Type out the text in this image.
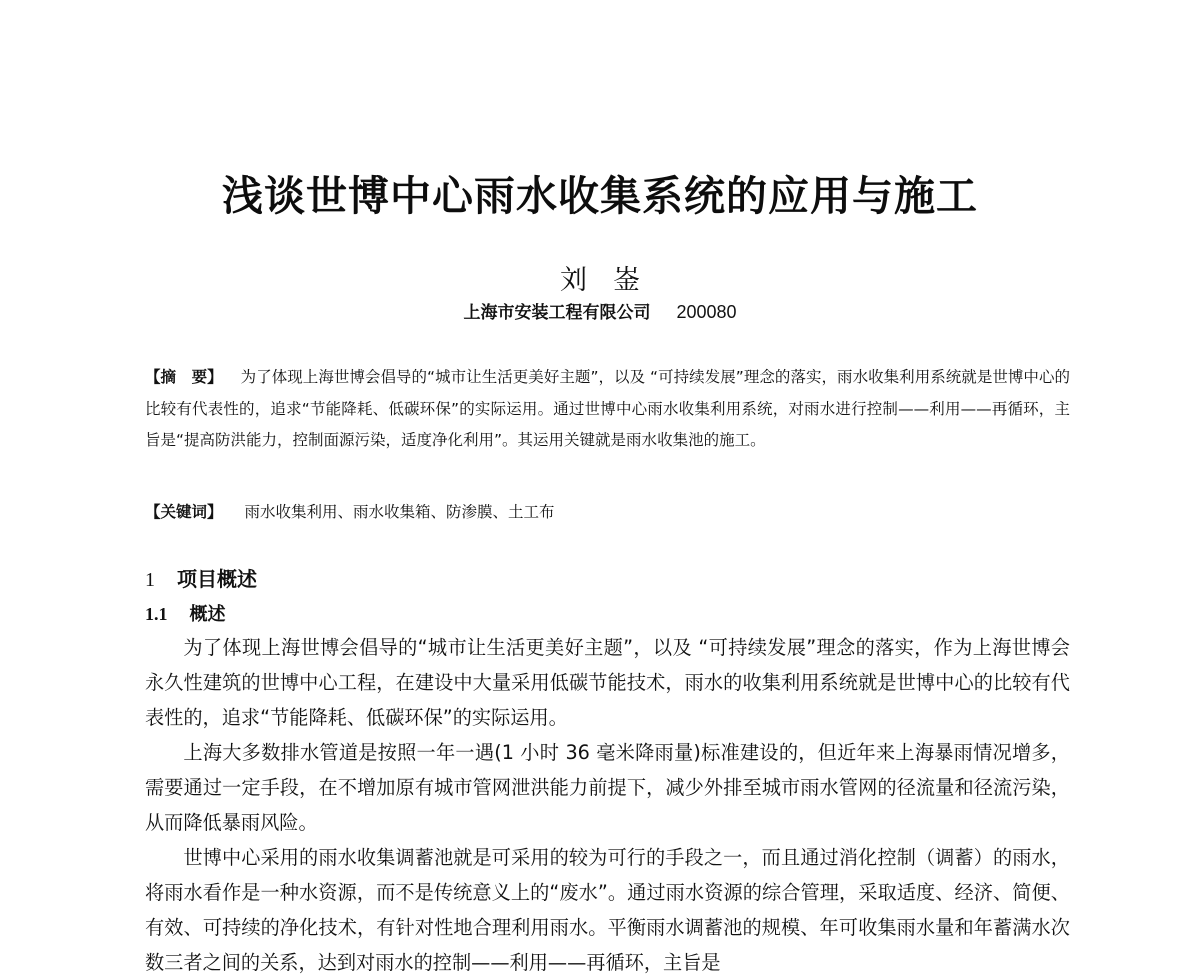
浅谈世博中心雨水收集系统的应用与施工
刘崟
上海市安装工程有限公司 200080
【摘　要】 为了体现上海世博会倡导的“城市让生活更美好主题”，以及 “可持续发展”理念的落实，雨水收集利用系统就是世博中心的比较有代表性的，追求“节能降耗、低碳环保”的实际运用。通过世博中心雨水收集利用系统，对雨水进行控制——利用——再循环，主旨是“提高防洪能力，控制面源污染，适度净化利用”。其运用关键就是雨水收集池的施工。
【关键词】 雨水收集利用、雨水收集箱、防渗膜、土工布
1 项目概述
1.1 概述

为了体现上海世博会倡导的“城市让生活更美好主题”，以及 “可持续发展”理念的落实，作为上海世博会永久性建筑的世博中心工程，在建设中大量采用低碳节能技术，雨水的收集利用系统就是世博中心的比较有代表性的，追求“节能降耗、低碳环保”的实际运用。

上海大多数排水管道是按照一年一遇(1 小时 36 毫米降雨量)标准建设的，但近年来上海暴雨情况增多，需要通过一定手段，在不增加原有城市管网泄洪能力前提下，减少外排至城市雨水管网的径流量和径流污染，从而降低暴雨风险。

世博中心采用的雨水收集调蓄池就是可采用的较为可行的手段之一，而且通过消化控制（调蓄）的雨水，将雨水看作是一种水资源，而不是传统意义上的“废水”。通过雨水资源的综合管理，采取适度、经济、简便、有效、可持续的净化技术，有针对性地合理利用雨水。平衡雨水调蓄池的规模、年可收集雨水量和年蓄满水次数三者之间的关系，达到对雨水的控制——利用——再循环，主旨是
